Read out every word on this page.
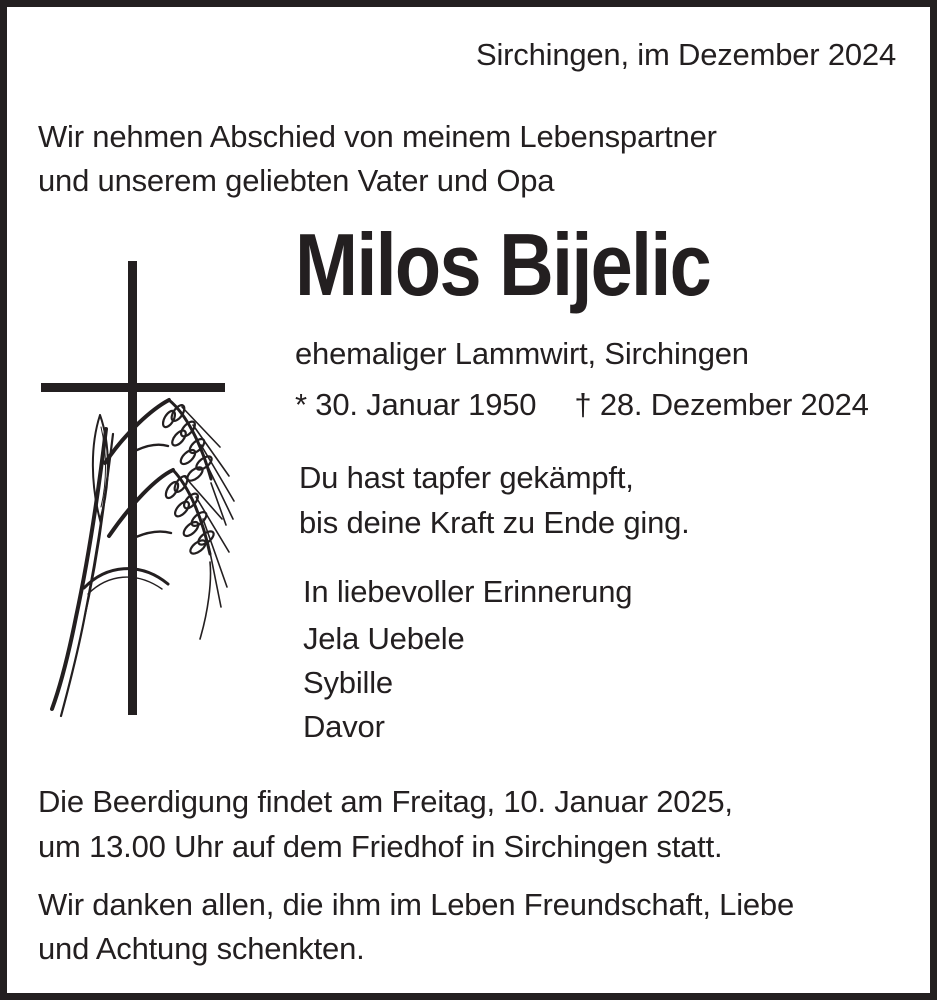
Sirchingen, im Dezember 2024
Wir nehmen Abschied von meinem Lebenspartner
und unserem geliebten Vater und Opa
Milos Bijelic
ehemaliger Lammwirt, Sirchingen
* 30. Januar 1950 † 28. Dezember 2024
Du hast tapfer gekämpft,
bis deine Kraft zu Ende ging.
In liebevoller Erinnerung
Jela Uebele
Sybille
Davor
Die Beerdigung findet am Freitag, 10. Januar 2025,
um 13.00 Uhr auf dem Friedhof in Sirchingen statt.
Wir danken allen, die ihm im Leben Freundschaft, Liebe
und Achtung schenkten.
